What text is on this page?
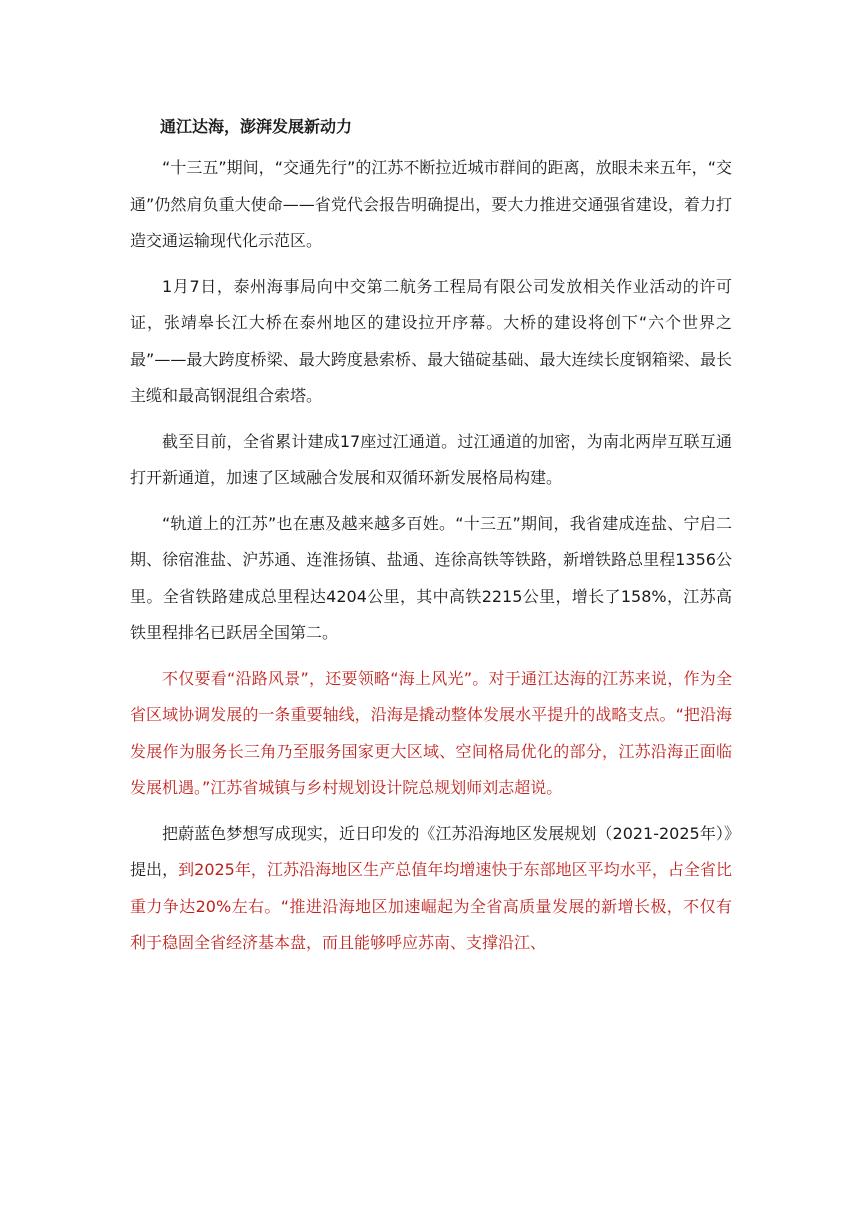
通江达海，澎湃发展新动力

“十三五”期间，“交通先行”的江苏不断拉近城市群间的距离，放眼未来五年，“交通”仍然肩负重大使命——省党代会报告明确提出，要大力推进交通强省建设，着力打造交通运输现代化示范区。

1月7日，泰州海事局向中交第二航务工程局有限公司发放相关作业活动的许可证，张靖皋长江大桥在泰州地区的建设拉开序幕。大桥的建设将创下“六个世界之最”——最大跨度桥梁、最大跨度悬索桥、最大锚碇基础、最大连续长度钢箱梁、最长主缆和最高钢混组合索塔。

截至目前，全省累计建成17座过江通道。过江通道的加密，为南北两岸互联互通打开新通道，加速了区域融合发展和双循环新发展格局构建。

“轨道上的江苏”也在惠及越来越多百姓。“十三五”期间，我省建成连盐、宁启二期、徐宿淮盐、沪苏通、连淮扬镇、盐通、连徐高铁等铁路，新增铁路总里程1356公里。全省铁路建成总里程达4204公里，其中高铁2215公里，增长了158%，江苏高铁里程排名已跃居全国第二。

不仅要看“沿路风景”，还要领略“海上风光”。对于通江达海的江苏来说，作为全省区域协调发展的一条重要轴线，沿海是撬动整体发展水平提升的战略支点。“把沿海发展作为服务长三角乃至服务国家更大区域、空间格局优化的部分，江苏沿海正面临发展机遇。”江苏省城镇与乡村规划设计院总规划师刘志超说。

把蔚蓝色梦想写成现实，近日印发的《江苏沿海地区发展规划（2021-2025年）》提出，到2025年，江苏沿海地区生产总值年均增速快于东部地区平均水平，占全省比重力争达20%左右。“推进沿海地区加速崛起为全省高质量发展的新增长极，不仅有利于稳固全省经济基本盘，而且能够呼应苏南、支撑沿江、
